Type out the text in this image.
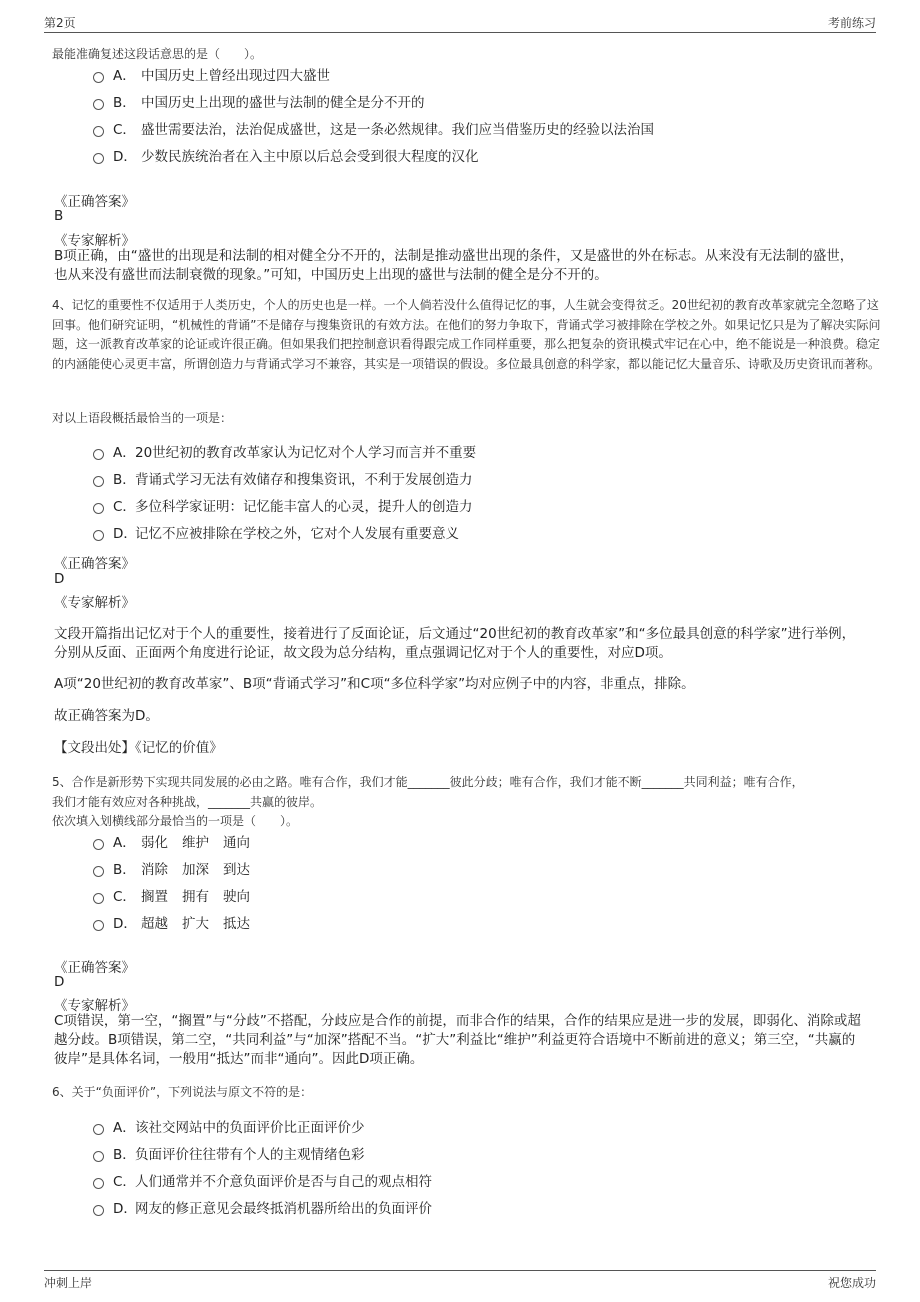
第2页	考前练习
最能准确复述这段话意思的是（　　）。
A． 中国历史上曾经出现过四大盛世
B． 中国历史上出现的盛世与法制的健全是分不开的
C． 盛世需要法治，法治促成盛世，这是一条必然规律。我们应当借鉴历史的经验以法治国
D． 少数民族统治者在入主中原以后总会受到很大程度的汉化
《正确答案》
B
《专家解析》
B项正确，由“盛世的出现是和法制的相对健全分不开的，法制是推动盛世出现的条件，又是盛世的外在标志。从来没有无法制的盛世，也从来没有盛世而法制衰微的现象。”可知，中国历史上出现的盛世与法制的健全是分不开的。
4、记忆的重要性不仅适用于人类历史，个人的历史也是一样。一个人倘若没什么值得记忆的事，人生就会变得贫乏。20世纪初的教育改革家就完全忽略了这回事。他们研究证明，“机械性的背诵”不是储存与搜集资讯的有效方法。在他们的努力争取下，背诵式学习被排除在学校之外。如果记忆只是为了解决实际问题，这一派教育改革家的论证或许很正确。但如果我们把控制意识看得跟完成工作同样重要，那么把复杂的资讯模式牢记在心中，绝不能说是一种浪费。稳定的内涵能使心灵更丰富，所谓创造力与背诵式学习不兼容，其实是一项错误的假设。多位最具创意的科学家，都以能记忆大量音乐、诗歌及历史资讯而著称。
对以上语段概括最恰当的一项是：
A．20世纪初的教育改革家认为记忆对个人学习而言并不重要
B．背诵式学习无法有效储存和搜集资讯，不利于发展创造力
C．多位科学家证明：记忆能丰富人的心灵，提升人的创造力
D．记忆不应被排除在学校之外，它对个人发展有重要意义
《正确答案》
D
《专家解析》
文段开篇指出记忆对于个人的重要性，接着进行了反面论证，后文通过“20世纪初的教育改革家”和“多位最具创意的科学家”进行举例，分别从反面、正面两个角度进行论证，故文段为总分结构，重点强调记忆对于个人的重要性，对应D项。
A项“20世纪初的教育改革家”、B项“背诵式学习”和C项“多位科学家”均对应例子中的内容，非重点，排除。
故正确答案为D。
【文段出处】《记忆的价值》
5、合作是新形势下实现共同发展的必由之路。唯有合作，我们才能_______彼此分歧；唯有合作，我们才能不断_______共同利益；唯有合作，
我们才能有效应对各种挑战，_______共赢的彼岸。
依次填入划横线部分最恰当的一项是（　　）。
A． 弱化 维护 通向
B． 消除 加深 到达
C． 搁置 拥有 驶向
D． 超越 扩大 抵达
《正确答案》
D
《专家解析》
C项错误，第一空，“搁置”与“分歧”不搭配，分歧应是合作的前提，而非合作的结果，合作的结果应是进一步的发展，即弱化、消除或超越分歧。B项错误，第二空，“共同利益”与“加深”搭配不当。“扩大”利益比“维护”利益更符合语境中不断前进的意义；第三空，“共赢的彼岸”是具体名词，一般用“抵达”而非“通向”。因此D项正确。
6、关于“负面评价”，下列说法与原文不符的是：
A．该社交网站中的负面评价比正面评价少
B．负面评价往往带有个人的主观情绪色彩
C．人们通常并不介意负面评价是否与自己的观点相符
D．网友的修正意见会最终抵消机器所给出的负面评价
冲刺上岸	祝您成功
